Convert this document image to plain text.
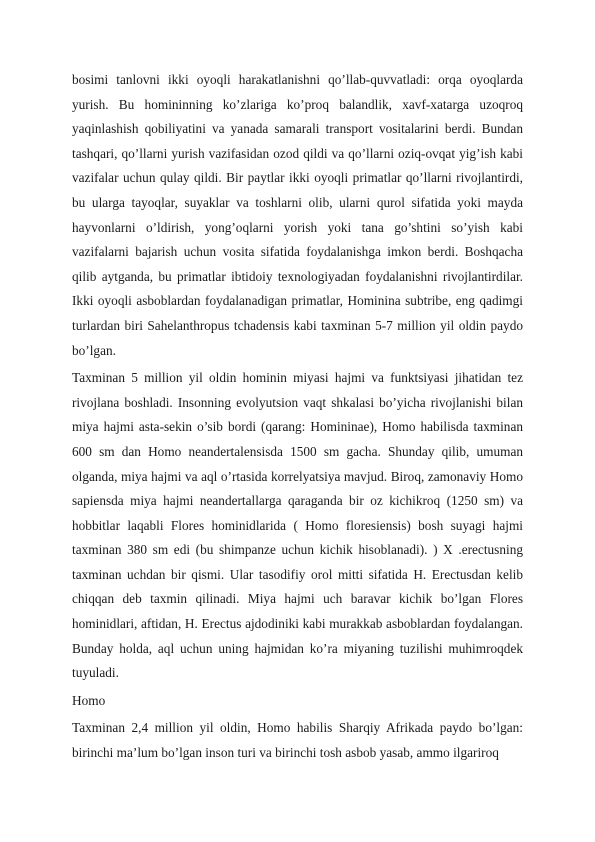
bosimi tanlovni ikki oyoqli harakatlanishni qo’llab-quvvatladi: orqa oyoqlarda yurish. Bu homininning ko’zlariga ko’proq balandlik, xavf-xatarga uzoqroq yaqinlashish qobiliyatini va yanada samarali transport vositalarini berdi. Bundan tashqari, qo’llarni yurish vazifasidan ozod qildi va qo’llarni oziq-ovqat yig’ish kabi vazifalar uchun qulay qildi. Bir paytlar ikki oyoqli primatlar qo’llarni rivojlantirdi, bu ularga tayoqlar, suyaklar va toshlarni olib, ularni qurol sifatida yoki mayda hayvonlarni o’ldirish, yong’oqlarni yorish yoki tana go’shtini so’yish kabi vazifalarni bajarish uchun vosita sifatida foydalanishga imkon berdi. Boshqacha qilib aytganda, bu primatlar ibtidoiy texnologiyadan foydalanishni rivojlantirdilar. Ikki oyoqli asboblardan foydalanadigan primatlar, Hominina subtribe, eng qadimgi turlardan biri Sahelanthropus tchadensis kabi taxminan 5-7 million yil oldin paydo bo’lgan.

Taxminan 5 million yil oldin hominin miyasi hajmi va funktsiyasi jihatidan tez rivojlana boshladi. Insonning evolyutsion vaqt shkalasi bo’yicha rivojlanishi bilan miya hajmi asta-sekin o’sib bordi (qarang: Homininae), Homo habilisda taxminan 600 sm dan Homo neandertalensisda 1500 sm gacha. Shunday qilib, umuman olganda, miya hajmi va aql o’rtasida korrelyatsiya mavjud. Biroq, zamonaviy Homo sapiensda miya hajmi neandertallarga qaraganda bir oz kichikroq (1250 sm) va hobbitlar laqabli Flores hominidlarida ( Homo floresiensis) bosh suyagi hajmi taxminan 380 sm edi (bu shimpanze uchun kichik hisoblanadi). ) X .erectusning taxminan uchdan bir qismi. Ular tasodifiy orol mitti sifatida H. Erectusdan kelib chiqqan deb taxmin qilinadi. Miya hajmi uch baravar kichik bo’lgan Flores hominidlari, aftidan, H. Erectus ajdodiniki kabi murakkab asboblardan foydalangan. Bunday holda, aql uchun uning hajmidan ko’ra miyaning tuzilishi muhimroqdek tuyuladi.

Homo

Taxminan 2,4 million yil oldin, Homo habilis Sharqiy Afrikada paydo bo’lgan: birinchi ma’lum bo’lgan inson turi va birinchi tosh asbob yasab, ammo ilgariroq
